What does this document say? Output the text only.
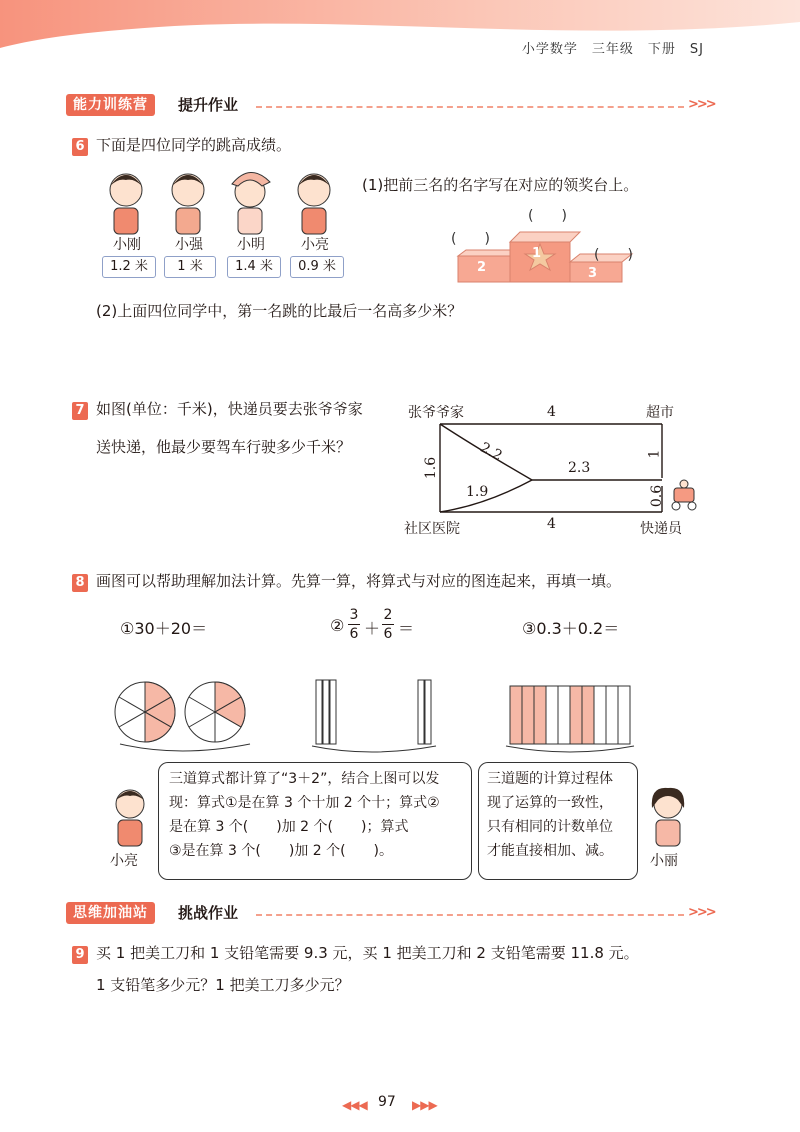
小学数学　三年级　下册　SJ
能力训练营	提升作业	>>>
6 下面是四位同学的跳高成绩。
小刚	小强	小明	小亮
1.2 米	1 米	1.4 米	0.9 米
(1)把前三名的名字写在对应的领奖台上。
1
2	3
(　　)
(　　)
(　　)
(2)上面四位同学中，第一名跳的比最后一名高多少米？
7 如图(单位：千米)，快递员要去张爷爷家
送快递，他最少要驾车行驶多少千米？
张爷爷家	超市
社区医院	快递员
4
4
1.6
1
0.6
2.2
1.9
2.3
8 画图可以帮助理解加法计算。先算一算，将算式与对应的图连起来，再填一填。
①30＋20＝	② $\frac{3}{6} + \frac{2}{6}$ ＝	③0.3＋0.2＝
三道算式都计算了“3＋2”，结合上图可以发
现：算式①是在算 3 个十加 2 个十；算式②
是在算 3 个(　　)加 2 个(　　)；算式
③是在算 3 个(　　)加 2 个(　　)。
三道题的计算过程体
现了运算的一致性，
只有相同的计数单位
才能直接相加、减。
小亮	小丽
思维加油站	挑战作业	>>>
9 买 1 把美工刀和 1 支铅笔需要 9.3 元，买 1 把美工刀和 2 支铅笔需要 11.8 元。
1 支铅笔多少元？1 把美工刀多少元？
◀◀◀ 97 ▶▶▶
